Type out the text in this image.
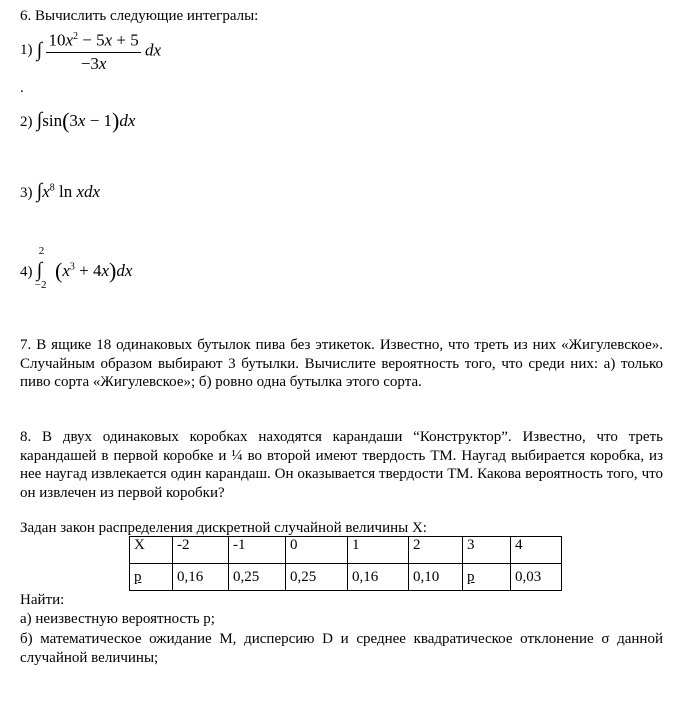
6. Вычислить следующие интегралы:
1) ∫ $\frac{10x^2 - 5x + 5}{-3x}$ dx
.
2) ∫sin(3x − 1)dx
3) $\int x^8$ ln xdx
4)
2
∫
−2
$(x^3 + 4x)dx$
7. В ящике 18 одинаковых бутылок пива без этикеток. Известно, что треть из них «Жигулевское». Случайным образом выбирают 3 бутылки. Вычислите вероятность того, что среди них: а) только пиво сорта «Жигулевское»; б) ровно одна бутылка этого сорта.
8. В двух одинаковых коробках находятся карандаши “Конструктор”. Известно, что треть карандашей в первой коробке и ¼ во второй имеют твердость ТМ. Наугад выбирается коробка, из нее наугад извлекается один карандаш. Он оказывается твердости ТМ. Какова вероятность того, что он извлечен из первой коробки?
Задан закон распределения дискретной случайной величины X:
X	-2	-1	0	1	2	3	4
p	0,16	0,25	0,25	0,16	0,10	p	0,03
Найти:
а) неизвестную вероятность p;
б) математическое ожидание M, дисперсию D и среднее квадратическое отклонение σ данной случайной величины;
